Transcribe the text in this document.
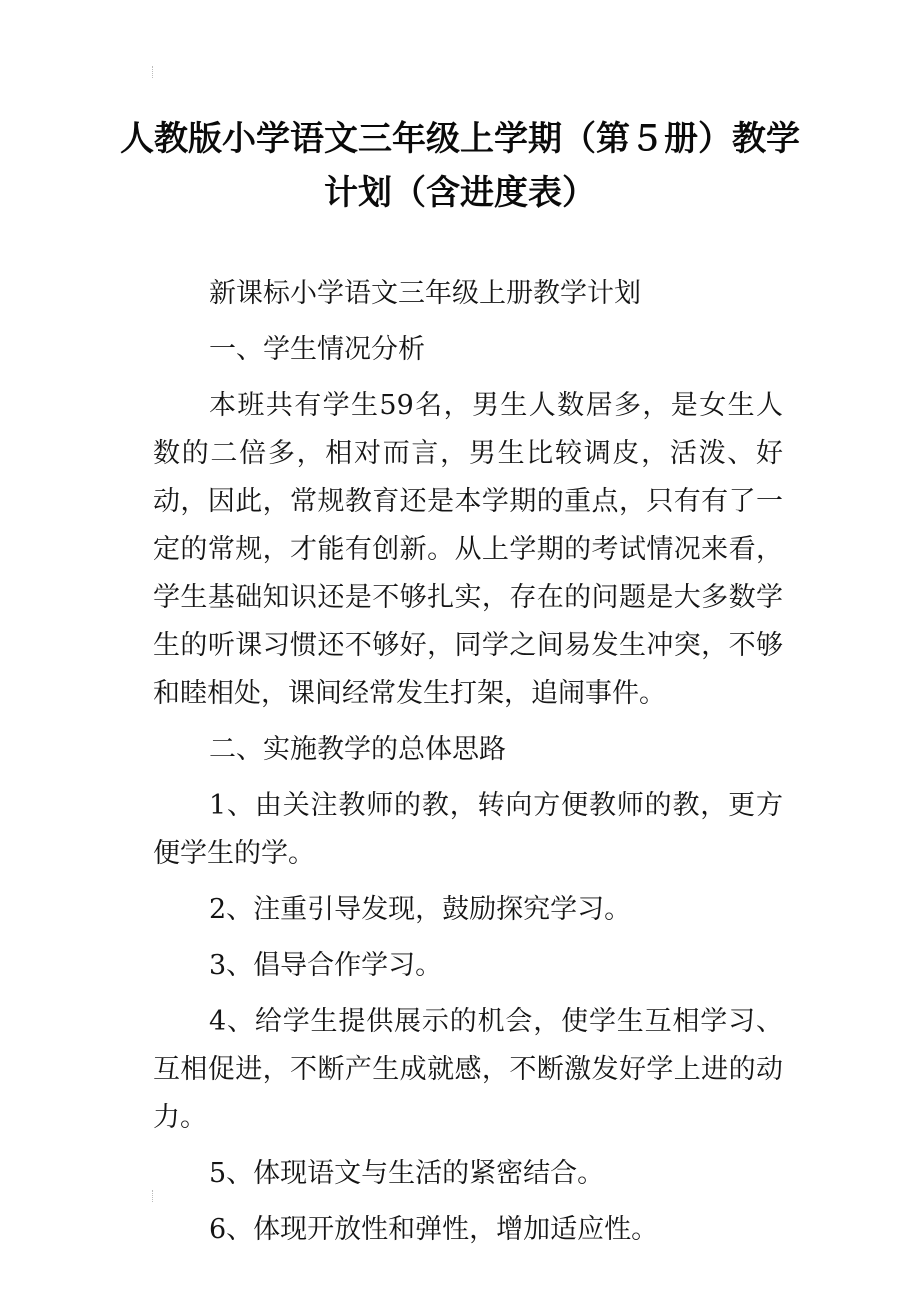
人教版小学语文三年级上学期（第５册）教学计划（含进度表）

新课标小学语文三年级上册教学计划

一、学生情况分析

本班共有学生59名，男生人数居多，是女生人数的二倍多，相对而言，男生比较调皮，活泼、好动，因此，常规教育还是本学期的重点，只有有了一定的常规，才能有创新。从上学期的考试情况来看，学生基础知识还是不够扎实，存在的问题是大多数学生的听课习惯还不够好，同学之间易发生冲突，不够和睦相处，课间经常发生打架，追闹事件。

二、实施教学的总体思路

1、由关注教师的教，转向方便教师的教，更方便学生的学。

2、注重引导发现，鼓励探究学习。

3、倡导合作学习。

4、给学生提供展示的机会，使学生互相学习、互相促进，不断产生成就感，不断激发好学上进的动力。

5、体现语文与生活的紧密结合。

6、体现开放性和弹性，增加适应性。
